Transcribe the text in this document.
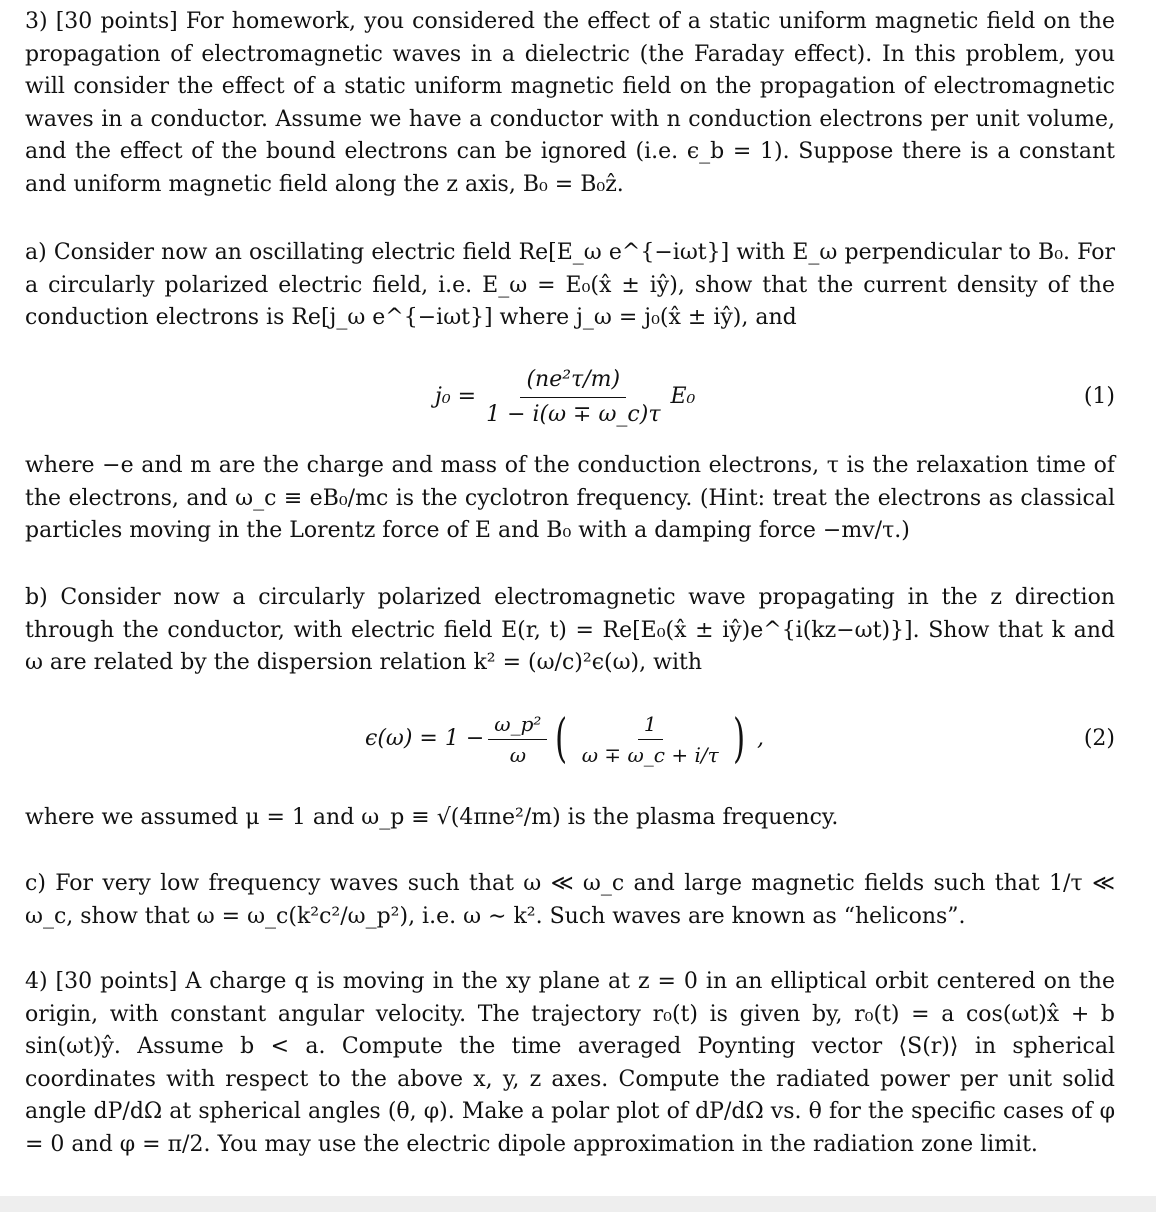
3) [30 points] For homework, you considered the effect of a static uniform magnetic field on the propagation of electromagnetic waves in a dielectric (the Faraday effect). In this problem, you will consider the effect of a static uniform magnetic field on the propagation of electromagnetic waves in a conductor. Assume we have a conductor with n conduction electrons per unit volume, and the effect of the bound electrons can be ignored (i.e. ϵ_b = 1). Suppose there is a constant and uniform magnetic field along the z axis, B₀ = B₀ẑ.
a) Consider now an oscillating electric field Re[E_ω e^{−iωt}] with E_ω perpendicular to B₀. For a circularly polarized electric field, i.e. E_ω = E₀(x̂ ± iŷ), show that the current density of the conduction electrons is Re[j_ω e^{−iωt}] where j_ω = j₀(x̂ ± iŷ), and
$j_0 = \frac{\text{(ne²τ/m)}}{1 - i(\omega \mp \omega\_c)\tau} E_0$	(1)
where −e and m are the charge and mass of the conduction electrons, τ is the relaxation time of the electrons, and ω_c ≡ eB₀/mc is the cyclotron frequency. (Hint: treat the electrons as classical particles moving in the Lorentz force of E and B₀ with a damping force −mv/τ.)
b) Consider now a circularly polarized electromagnetic wave propagating in the z direction through the conductor, with electric field E(r, t) = Re[E₀(x̂ ± iŷ)e^{i(kz−ωt)}]. Show that k and ω are related by the dispersion relation k² = (ω/c)²ϵ(ω), with
$\epsilon(\omega) = 1 - \frac{\text{ω\_p²}}{\omega}$ ( $\frac{1}{\omega \mp \omega\_c + i/\tau}$ ) ,	(2)
where we assumed μ = 1 and ω_p ≡ √(4πne²/m) is the plasma frequency.
c) For very low frequency waves such that ω ≪ ω_c and large magnetic fields such that 1/τ ≪ ω_c, show that ω = ω_c(k²c²/ω_p²), i.e. ω ∼ k². Such waves are known as “helicons”.
4) [30 points] A charge q is moving in the xy plane at z = 0 in an elliptical orbit centered on the origin, with constant angular velocity. The trajectory r₀(t) is given by, r₀(t) = a cos(ωt)x̂ + b sin(ωt)ŷ. Assume b < a. Compute the time averaged Poynting vector ⟨S(r)⟩ in spherical coordinates with respect to the above x, y, z axes. Compute the radiated power per unit solid angle dP/dΩ at spherical angles (θ, φ). Make a polar plot of dP/dΩ vs. θ for the specific cases of φ = 0 and φ = π/2. You may use the electric dipole approximation in the radiation zone limit.
